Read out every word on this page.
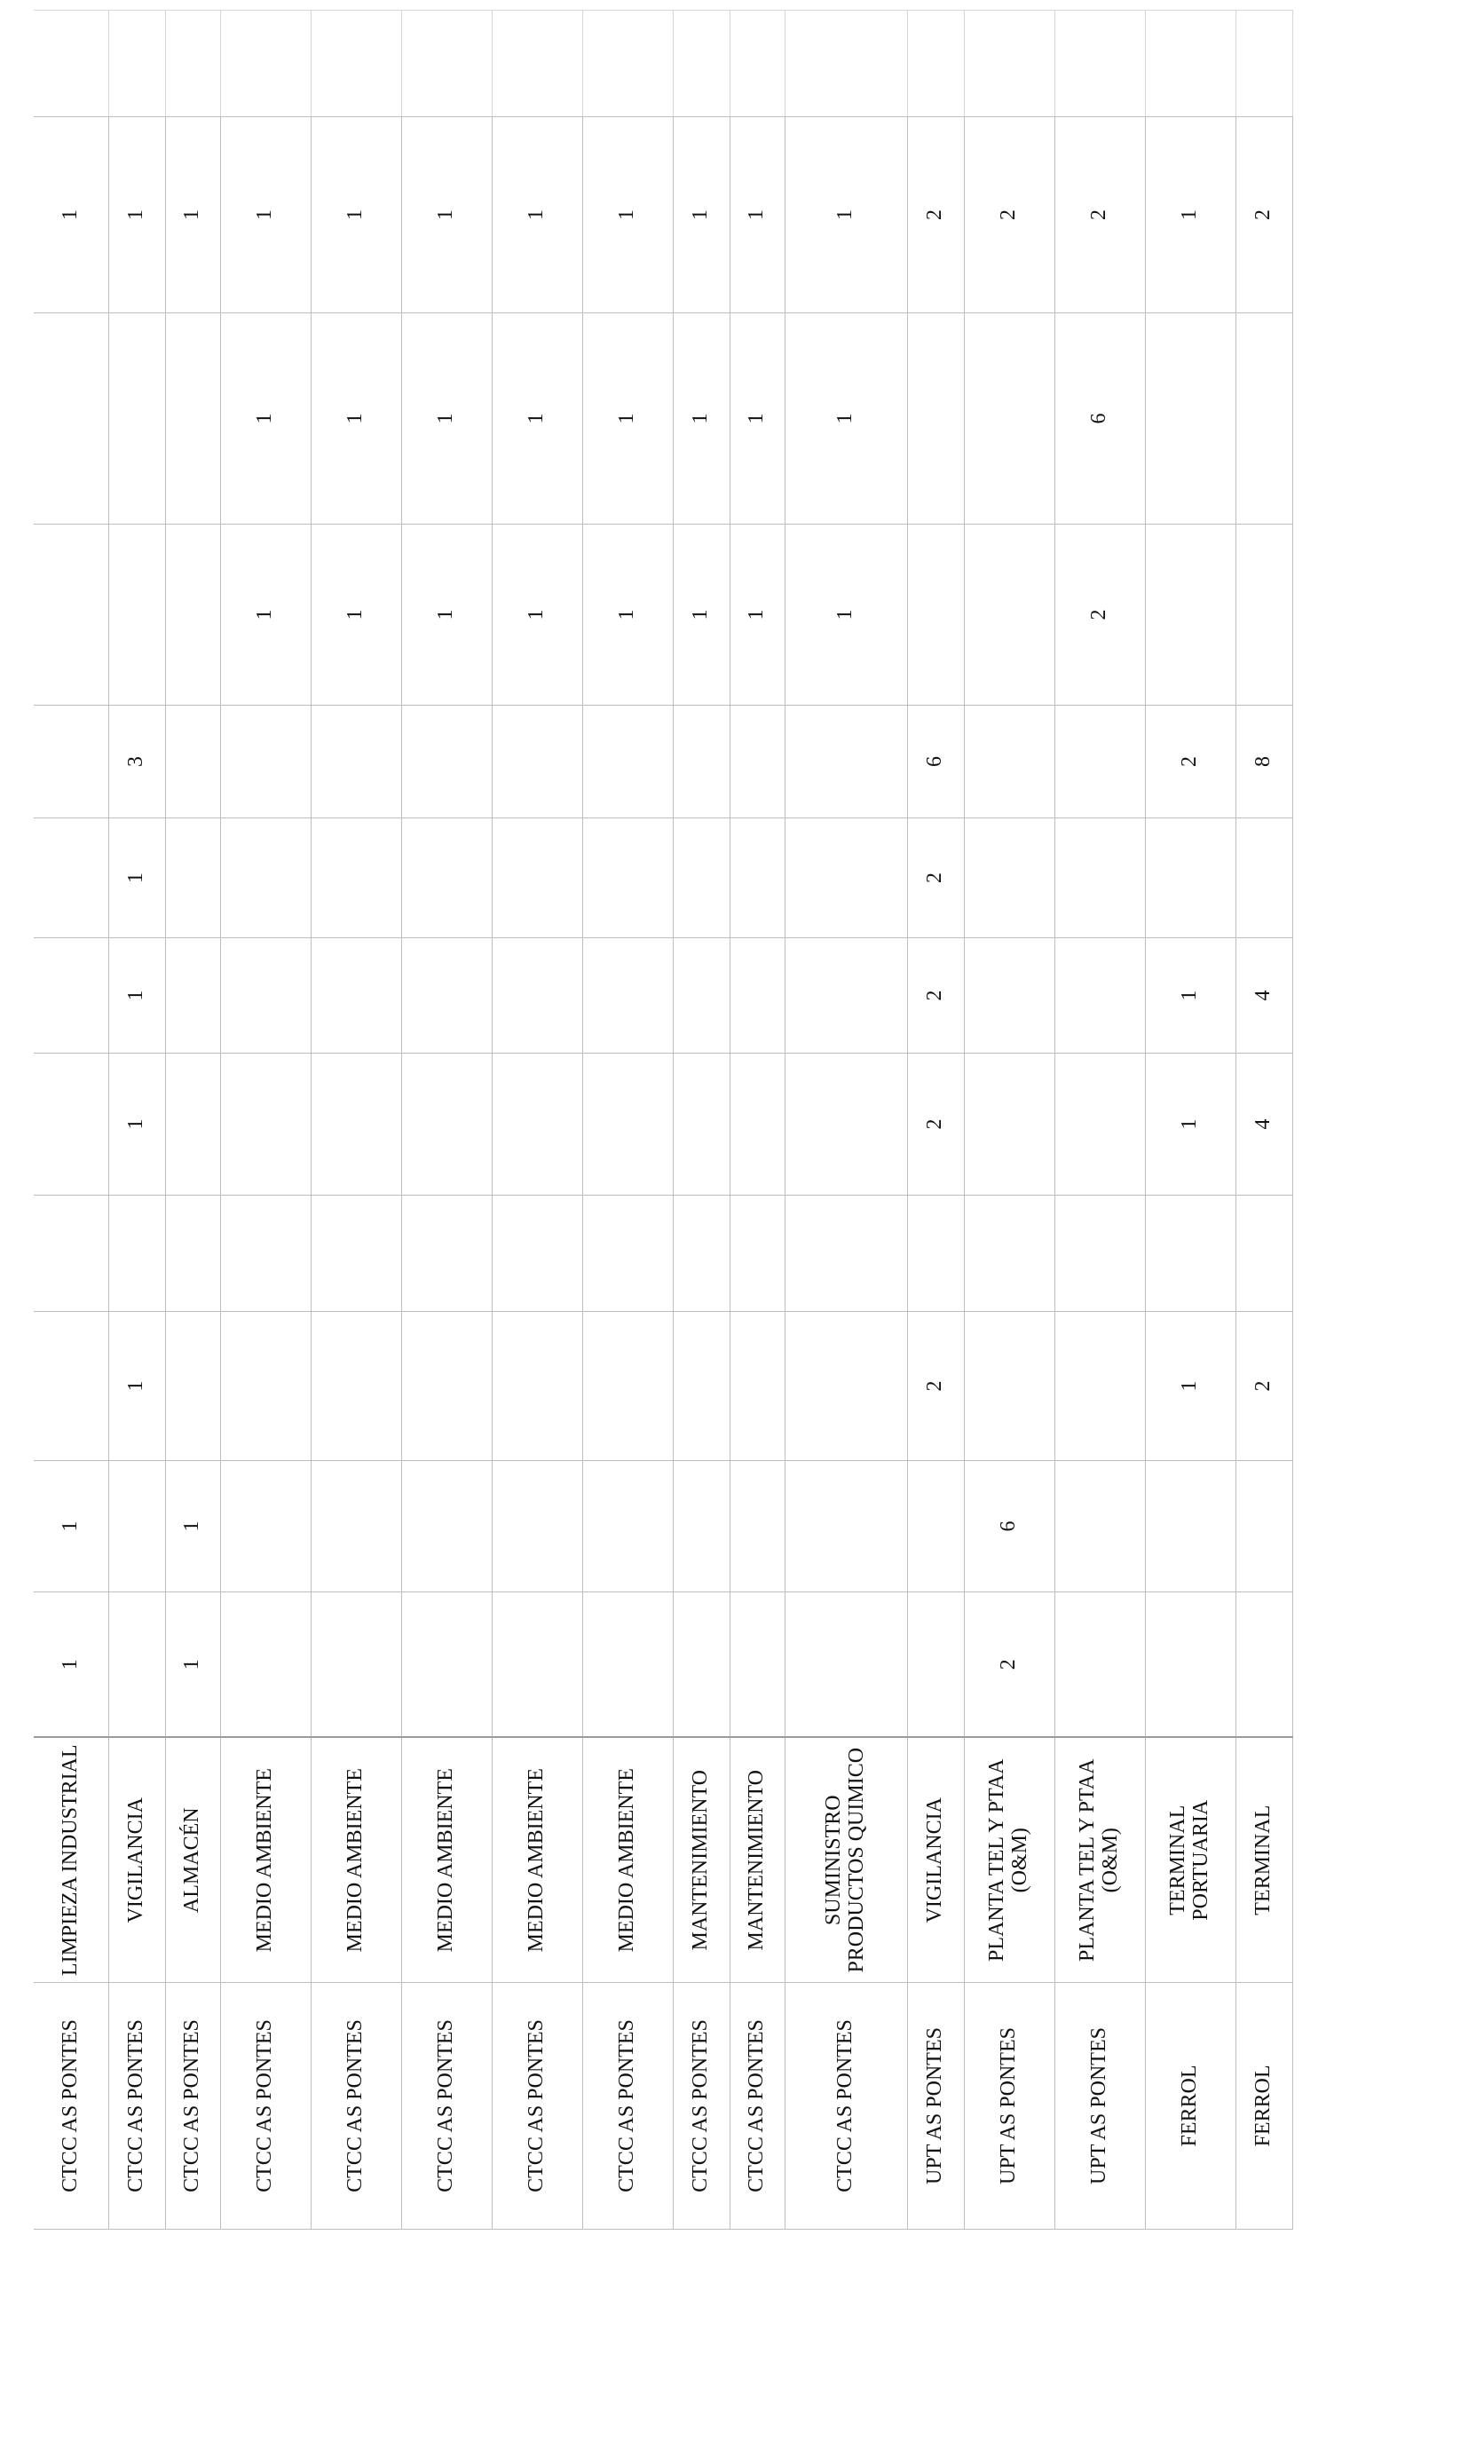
CTCC AS PONTES	LIMPIEZA INDUSTRIAL	1	1									1	
CTCC AS PONTES	VIGILANCIA			1		1	1	1	3			1	
CTCC AS PONTES	ALMACÉN	1	1									1	
CTCC AS PONTES	MEDIO AMBIENTE									1	1	1	
CTCC AS PONTES	MEDIO AMBIENTE									1	1	1	
CTCC AS PONTES	MEDIO AMBIENTE									1	1	1	
CTCC AS PONTES	MEDIO AMBIENTE									1	1	1	
CTCC AS PONTES	MEDIO AMBIENTE									1	1	1	
CTCC AS PONTES	MANTENIMIENTO									1	1	1	
CTCC AS PONTES	MANTENIMIENTO									1	1	1	
CTCC AS PONTES	SUMINISTRO PRODUCTOS QUIMICO									1	1	1	
UPT AS PONTES	VIGILANCIA			2		2	2	2	6			2	
UPT AS PONTES	PLANTA TEL Y PTAA (O&M)	2	6									2	
UPT AS PONTES	PLANTA TEL Y PTAA (O&M)									2	6	2	
FERROL	TERMINAL PORTUARIA			1		1	1		2			1	
FERROL	TERMINAL			2		4	4		8			2	
